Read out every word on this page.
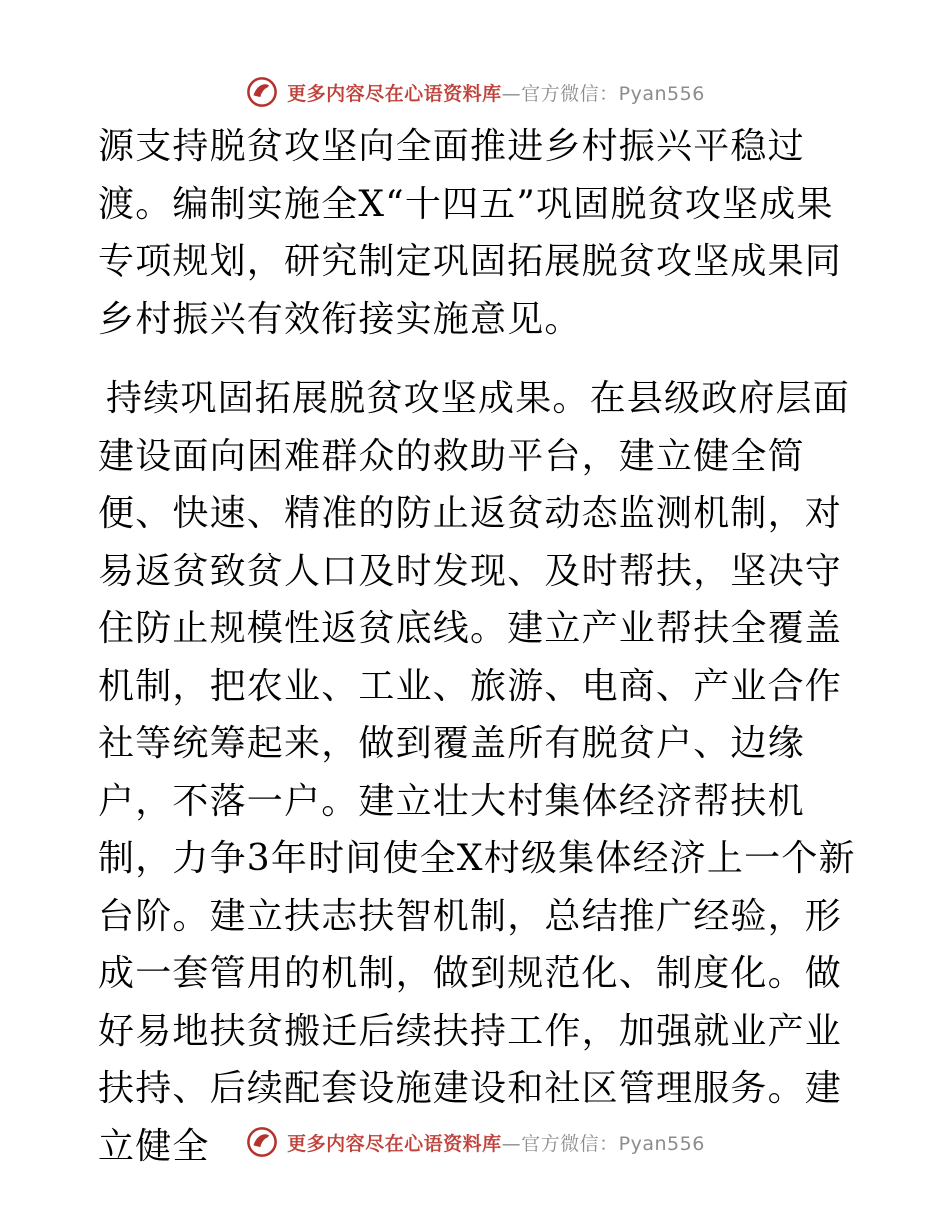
更多内容尽在心语资料库—官方微信：Pyan556

源支持脱贫攻坚向全面推进乡村振兴平稳过渡。编制实施全X“十四五”巩固脱贫攻坚成果专项规划，研究制定巩固拓展脱贫攻坚成果同乡村振兴有效衔接实施意见。

持续巩固拓展脱贫攻坚成果。在县级政府层面建设面向困难群众的救助平台，建立健全简便、快速、精准的防止返贫动态监测机制，对易返贫致贫人口及时发现、及时帮扶，坚决守住防止规模性返贫底线。建立产业帮扶全覆盖机制，把农业、工业、旅游、电商、产业合作社等统筹起来，做到覆盖所有脱贫户、边缘户，不落一户。建立壮大村集体经济帮扶机制，力争3年时间使全X村级集体经济上一个新台阶。建立扶志扶智机制，总结推广经验，形成一套管用的机制，做到规范化、制度化。做好易地扶贫搬迁后续扶持工作，加强就业产业扶持、后续配套设施建设和社区管理服务。建立健全	更多内容尽在心语资料库—官方微信：Pyan556
